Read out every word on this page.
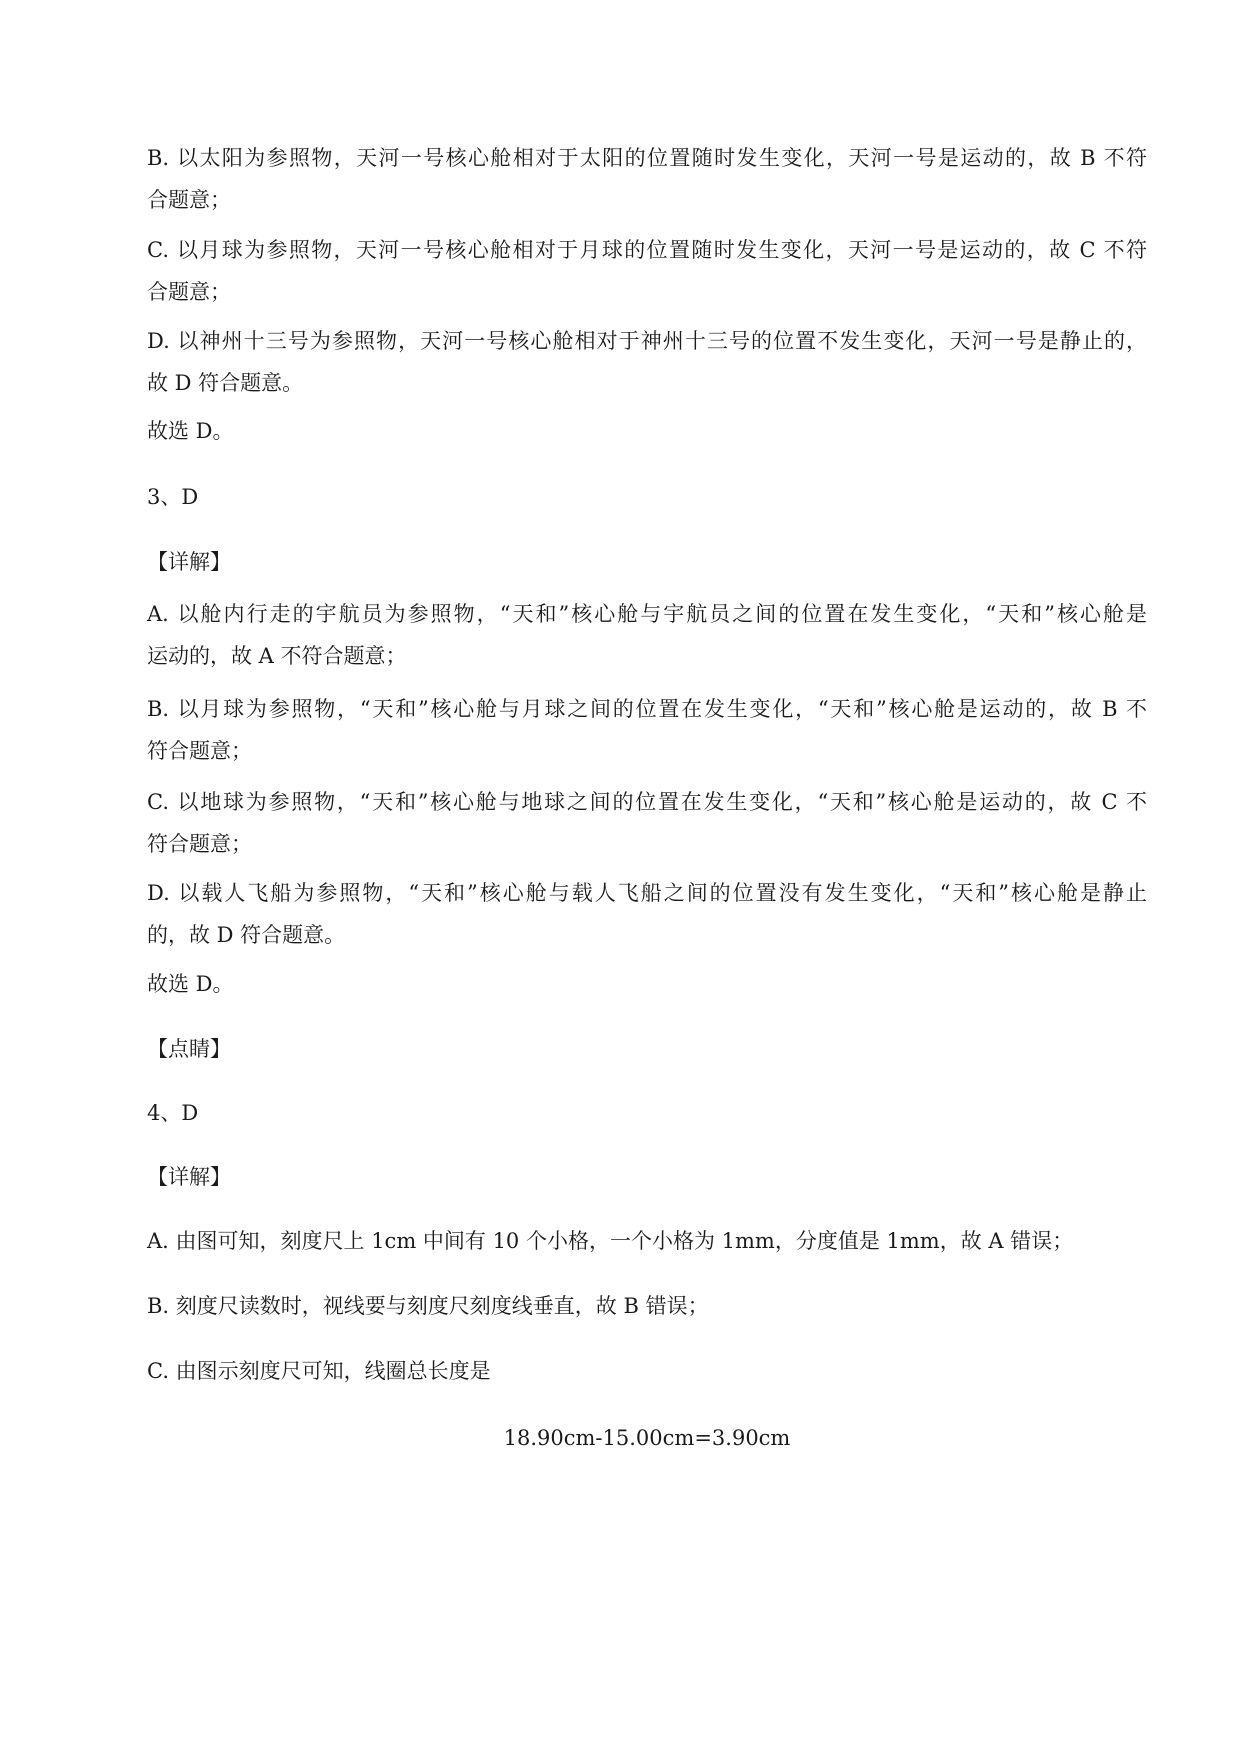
B. 以太阳为参照物，天河一号核心舱相对于太阳的位置随时发生变化，天河一号是运动的，故 B 不符
合题意；
C. 以月球为参照物，天河一号核心舱相对于月球的位置随时发生变化，天河一号是运动的，故 C 不符
合题意；
D. 以神州十三号为参照物，天河一号核心舱相对于神州十三号的位置不发生变化，天河一号是静止的，
故 D 符合题意。
故选 D。
3、D
【详解】
A. 以舱内行走的宇航员为参照物，“天和”核心舱与宇航员之间的位置在发生变化，“天和”核心舱是
运动的，故 A 不符合题意；
B. 以月球为参照物，“天和”核心舱与月球之间的位置在发生变化，“天和”核心舱是运动的，故 B 不
符合题意；
C. 以地球为参照物，“天和”核心舱与地球之间的位置在发生变化，“天和”核心舱是运动的，故 C 不
符合题意；
D. 以载人飞船为参照物，“天和”核心舱与载人飞船之间的位置没有发生变化，“天和”核心舱是静止
的，故 D 符合题意。
故选 D。
【点睛】
4、D
【详解】
A. 由图可知，刻度尺上 1cm 中间有 10 个小格，一个小格为 1mm，分度值是 1mm，故 A 错误；
B. 刻度尺读数时，视线要与刻度尺刻度线垂直，故 B 错误；
C. 由图示刻度尺可知，线圈总长度是
18.90cm-15.00cm=3.90cm
